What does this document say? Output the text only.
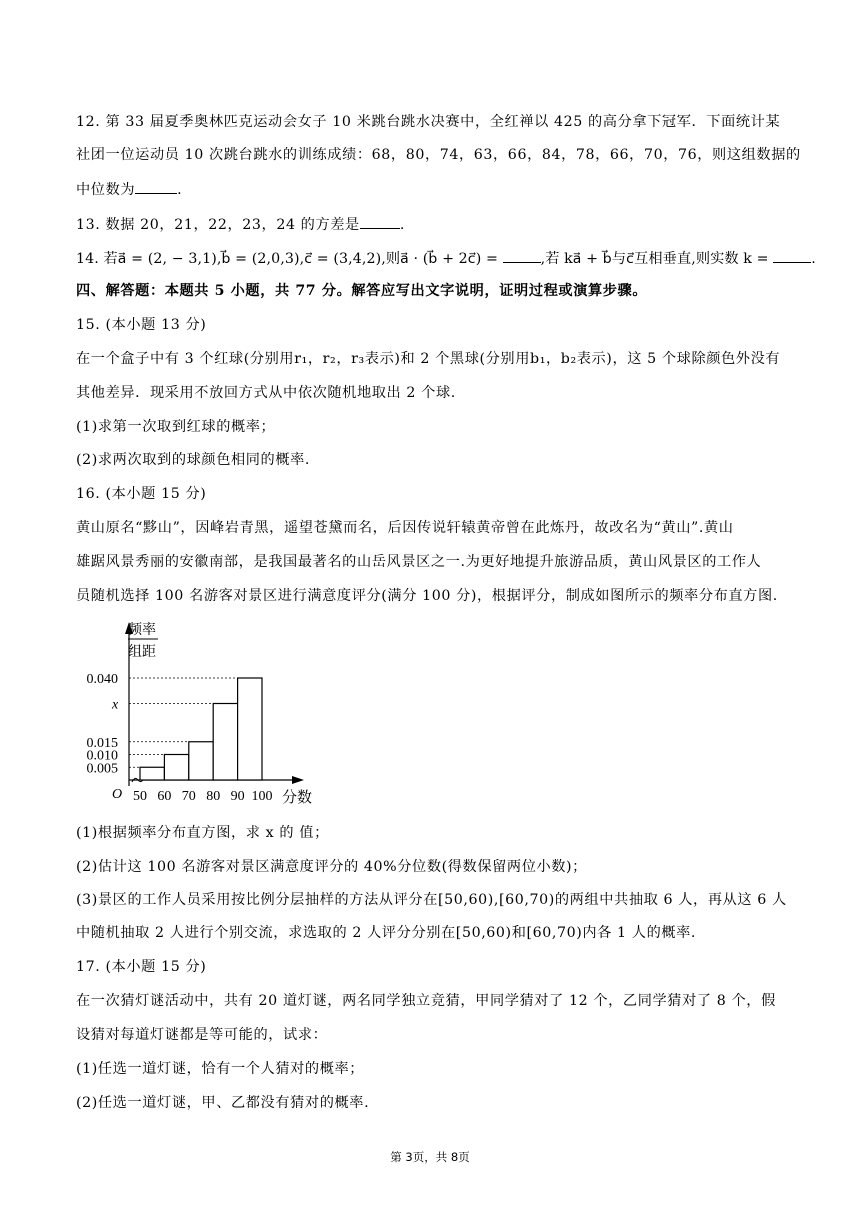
12. 第 33 届夏季奥林匹克运动会女子 10 米跳台跳水决赛中，全红禅以 425 的高分拿下冠军．下面统计某
社团一位运动员 10 次跳台跳水的训练成绩：68，80，74，63，66，84，78，66，70，76，则这组数据的
中位数为	.
13. 数据 20，21，22，23，24 的方差是	.
14. 若a⃗ = (2, − 3,1),b⃗ = (2,0,3),c⃗ = (3,4,2),则a⃗ · (b⃗ + 2c⃗) =	,若 ka⃗ + b⃗与c⃗互相垂直,则实数 k =	.
四、解答题：本题共 5 小题，共 77 分。解答应写出文字说明，证明过程或演算步骤。
15. (本小题 13 分)
在一个盒子中有 3 个红球(分别用r₁，r₂，r₃表示)和 2 个黑球(分别用b₁，b₂表示)，这 5 个球除颜色外没有
其他差异．现采用不放回方式从中依次随机地取出 2 个球.
(1)求第一次取到红球的概率；
(2)求两次取到的球颜色相同的概率.
16. (本小题 15 分)
黄山原名“黟山”，因峰岩青黑，遥望苍黛而名，后因传说轩辕黄帝曾在此炼丹，故改名为“黄山”.黄山
雄踞风景秀丽的安徽南部，是我国最著名的山岳风景区之一.为更好地提升旅游品质，黄山风景区的工作人
员随机选择 100 名游客对景区进行满意度评分(满分 100 分)，根据评分，制成如图所示的频率分布直方图.
频率
组距
0.040
x
0.015
0.010
0.005
50 60 70 80 90 100
O	分数
(1)根据频率分布直方图，求 x 的 值；
(2)估计这 100 名游客对景区满意度评分的 40%分位数(得数保留两位小数)；
(3)景区的工作人员采用按比例分层抽样的方法从评分在[50,60),[60,70)的两组中共抽取 6 人，再从这 6 人
中随机抽取 2 人进行个别交流，求选取的 2 人评分分别在[50,60)和[60,70)内各 1 人的概率.
17. (本小题 15 分)
在一次猜灯谜活动中，共有 20 道灯谜，两名同学独立竞猜，甲同学猜对了 12 个，乙同学猜对了 8 个，假
设猜对每道灯谜都是等可能的，试求：
(1)任选一道灯谜，恰有一个人猜对的概率；
(2)任选一道灯谜，甲、乙都没有猜对的概率.
第 3页，共 8页
